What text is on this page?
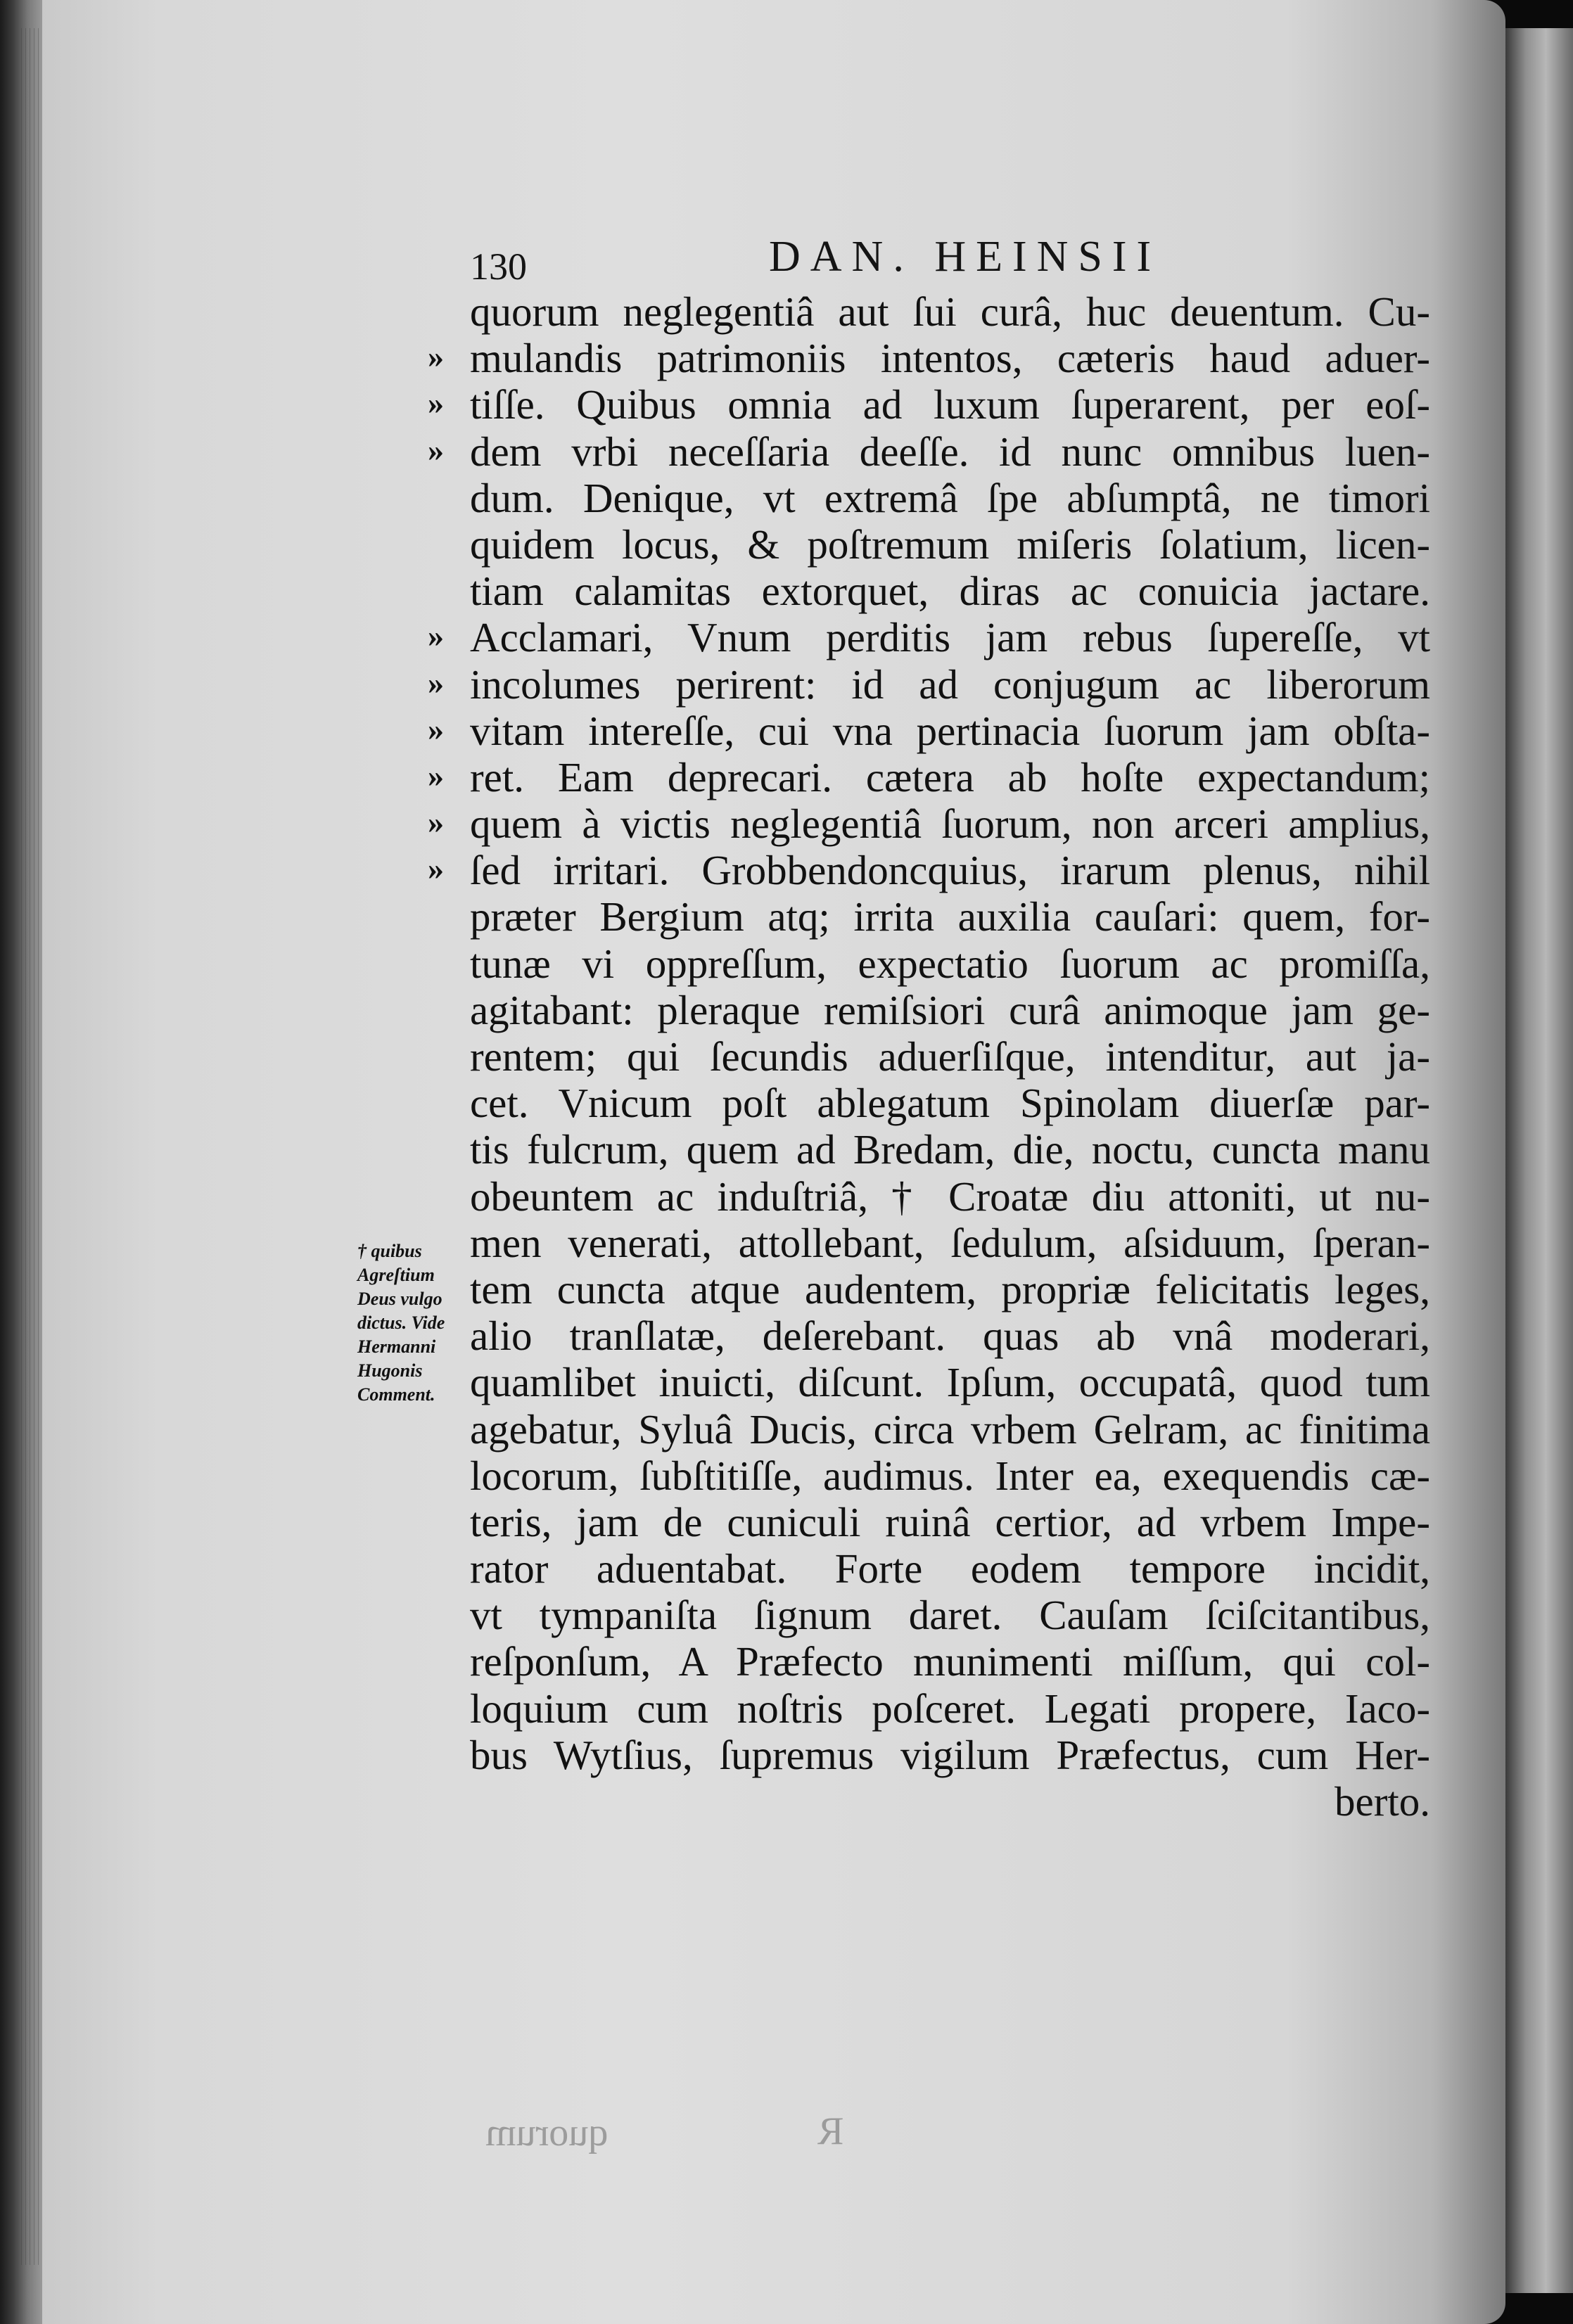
130	DAN. HEINSII
»
»
»
»
»
»
»
»
»
† quibus
Agreſtium
Deus vulgo
dictus. Vide
Hermanni
Hugonis
Comment.
quorum neglegentiâ aut ſui curâ, huc deuentum. Cu-
mulandis patrimoniis intentos, cæteris haud aduer-
tiſſe. Quibus omnia ad luxum ſuperarent, per eoſ-
dem vrbi neceſſaria deeſſe. id nunc omnibus luen-
dum. Denique, vt extremâ ſpe abſumptâ, ne timori
quidem locus, & poſtremum miſeris ſolatium, licen-
tiam calamitas extorquet, diras ac conuicia jactare.
Acclamari, Vnum perditis jam rebus ſupereſſe, vt
incolumes perirent: id ad conjugum ac liberorum
vitam intereſſe, cui vna pertinacia ſuorum jam obſta-
ret. Eam deprecari. cætera ab hoſte expectandum;
quem à victis neglegentiâ ſuorum, non arceri amplius,
ſed irritari. Grobbendoncquius, irarum plenus, nihil
præter Bergium atq; irrita auxilia cauſari: quem, for-
tunæ vi oppreſſum, expectatio ſuorum ac promiſſa,
agitabant: pleraque remiſsiori curâ animoque jam ge-
rentem; qui ſecundis aduerſiſque, intenditur, aut ja-
cet. Vnicum poſt ablegatum Spinolam diuerſæ par-
tis fulcrum, quem ad Bredam, die, noctu, cuncta manu
obeuntem ac induſtriâ, † Croatæ diu attoniti, ut nu-
men venerati, attollebant, ſedulum, aſsiduum, ſperan-
tem cuncta atque audentem, propriæ felicitatis leges,
alio tranſlatæ, deſerebant. quas ab vnâ moderari,
quamlibet inuicti, diſcunt. Ipſum, occupatâ, quod tum
agebatur, Syluâ Ducis, circa vrbem Gelram, ac finitima
locorum, ſubſtitiſſe, audimus. Inter ea, exequendis cæ-
teris, jam de cuniculi ruinâ certior, ad vrbem Impe-
rator aduentabat. Forte eodem tempore incidit,
vt tympaniſta ſignum daret. Cauſam ſciſcitantibus,
reſponſum, A Præfecto munimenti miſſum, qui col-
loquium cum noſtris poſceret. Legati propere, Iaco-
bus Wytſius, ſupremus vigilum Præfectus, cum Her-
berto.
quorum	R
